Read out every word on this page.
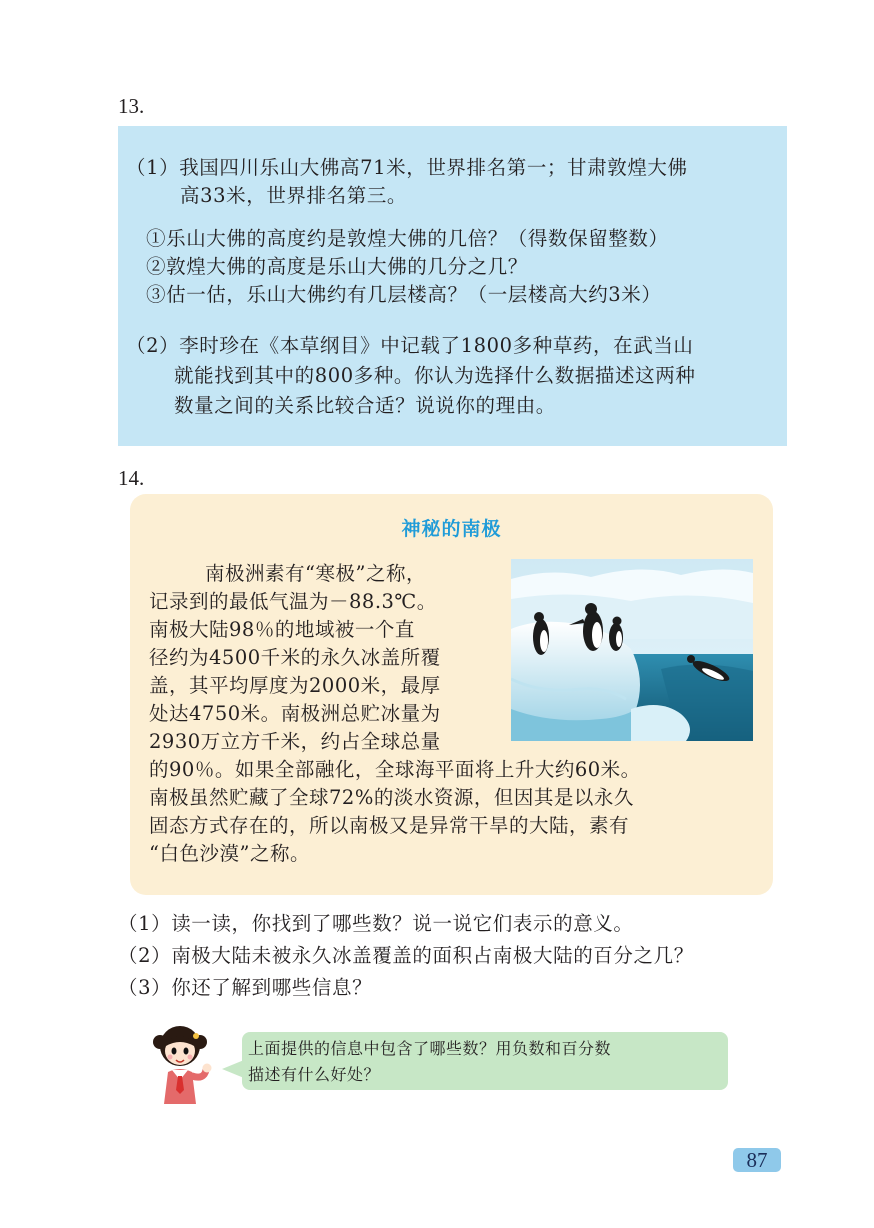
13.
（1）我国四川乐山大佛高71米，世界排名第一；甘肃敦煌大佛
高33米，世界排名第三。
①乐山大佛的高度约是敦煌大佛的几倍？（得数保留整数）
②敦煌大佛的高度是乐山大佛的几分之几？
③估一估，乐山大佛约有几层楼高？（一层楼高大约3米）
（2）李时珍在《本草纲目》中记载了1800多种草药，在武当山
就能找到其中的800多种。你认为选择什么数据描述这两种
数量之间的关系比较合适？说说你的理由。
14.
神秘的南极
南极洲素有“寒极”之称，
记录到的最低气温为－88.3℃。
南极大陆98％的地域被一个直
径约为4500千米的永久冰盖所覆
盖，其平均厚度为2000米，最厚
处达4750米。南极洲总贮冰量为
2930万立方千米，约占全球总量
的90％。如果全部融化，全球海平面将上升大约60米。
南极虽然贮藏了全球72%的淡水资源，但因其是以永久
固态方式存在的，所以南极又是异常干旱的大陆，素有
“白色沙漠”之称。
（1）读一读，你找到了哪些数？说一说它们表示的意义。
（2）南极大陆未被永久冰盖覆盖的面积占南极大陆的百分之几？
（3）你还了解到哪些信息？
上面提供的信息中包含了哪些数？用负数和百分数
描述有什么好处？
87
